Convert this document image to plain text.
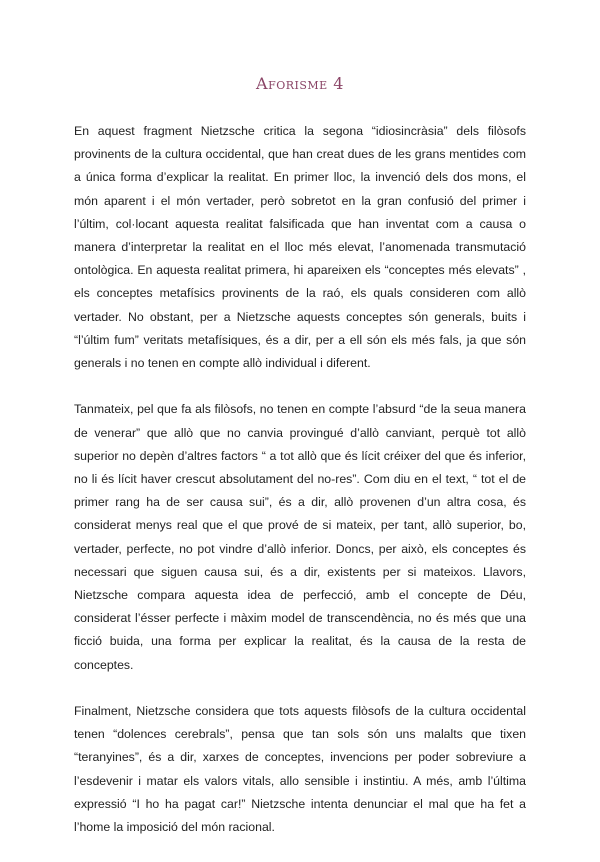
Aforisme 4

En aquest fragment Nietzsche critica la segona “idiosincràsia” dels filòsofs provinents de la cultura occidental, que han creat dues de les grans mentides com a única forma d’explicar la realitat. En primer lloc, la invenció dels dos mons, el món aparent i el món vertader, però sobretot en la gran confusió del primer i l’últim, col·locant aquesta realitat falsificada que han inventat com a causa o manera d’interpretar la realitat en el lloc més elevat, l’anomenada transmutació ontològica. En aquesta realitat primera, hi apareixen els “conceptes més elevats” , els conceptes metafísics provinents de la raó, els quals consideren com allò vertader. No obstant, per a Nietzsche aquests conceptes són generals, buits i “l’últim fum” veritats metafísiques, és a dir, per a ell són els més fals, ja que són generals i no tenen en compte allò individual i diferent.

Tanmateix, pel que fa als filòsofs, no tenen en compte l’absurd “de la seua manera de venerar” que allò que no canvia provingué d’allò canviant, perquè tot allò superior no depèn d’altres factors “ a tot allò que és lícit créixer del que és inferior, no li és lícit haver crescut absolutament del no-res”. Com diu en el text, “ tot el de primer rang ha de ser causa sui”, és a dir, allò provenen d’un altra cosa, és considerat menys real que el que prové de si mateix, per tant, allò superior, bo, vertader, perfecte, no pot vindre d’allò inferior. Doncs, per això, els conceptes és necessari que siguen causa sui, és a dir, existents per si mateixos. Llavors, Nietzsche compara aquesta idea de perfecció, amb el concepte de Déu, considerat l’ésser perfecte i màxim model de transcendència, no és més que una ficció buida, una forma per explicar la realitat, és la causa de la resta de conceptes.

Finalment, Nietzsche considera que tots aquests filòsofs de la cultura occidental tenen “dolences cerebrals”, pensa que tan sols són uns malalts que tixen “teranyines”, és a dir, xarxes de conceptes, invencions per poder sobreviure a l’esdevenir i matar els valors vitals, allo sensible i instintiu. A més, amb l’última expressió “I ho ha pagat car!” Nietzsche intenta denunciar el mal que ha fet a l’home la imposició del món racional.
